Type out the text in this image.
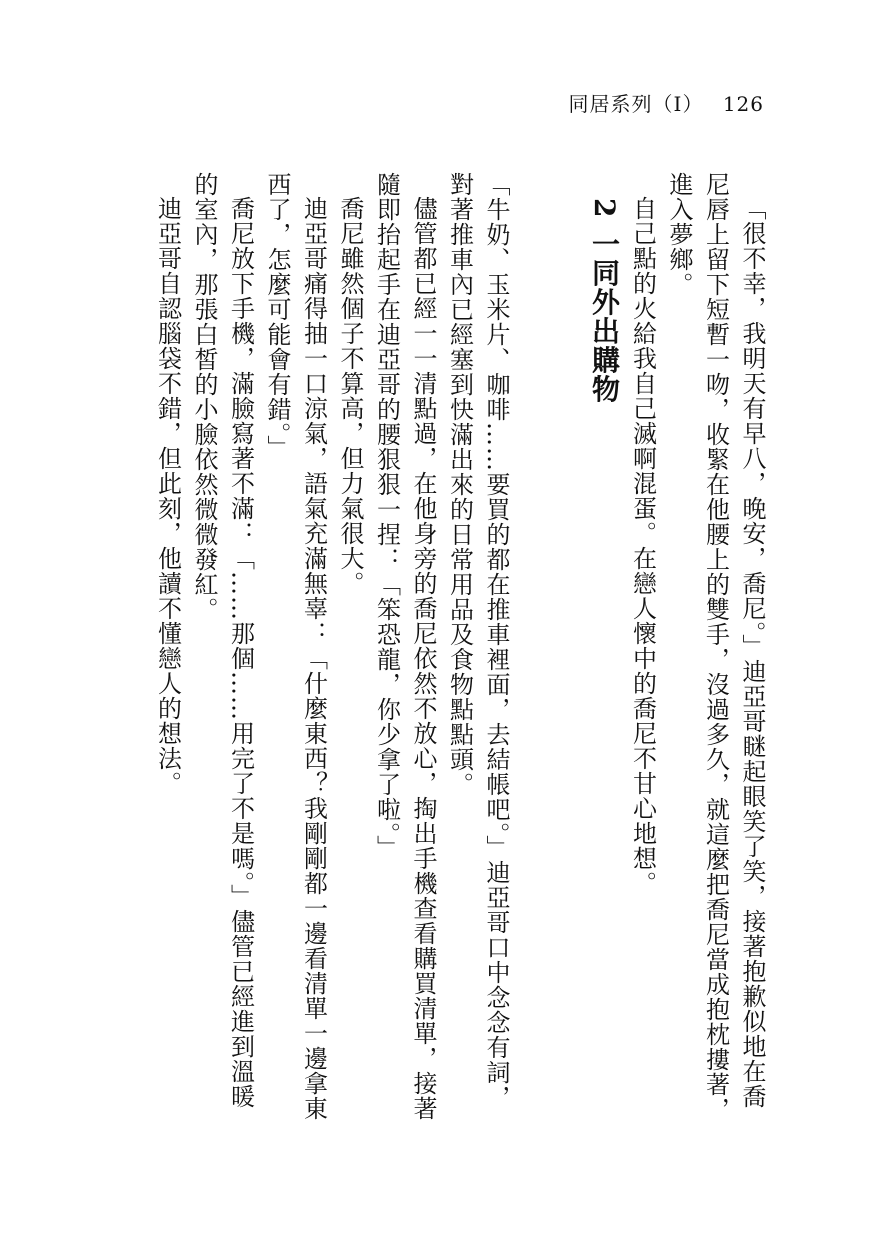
同居系列（I） 126

「很不幸，我明天有早八，晚安，喬尼。」迪亞哥瞇起眼笑了笑，接著抱歉似地在喬尼唇上留下短暫一吻，收緊在他腰上的雙手，沒過多久，就這麼把喬尼當成抱枕摟著，進入夢鄉。

自己點的火給我自己滅啊混蛋。在戀人懷中的喬尼不甘心地想。

2 一同外出購物

「牛奶、玉米片、咖啡……要買的都在推車裡面，去結帳吧。」迪亞哥口中念念有詞，對著推車內已經塞到快滿出來的日常用品及食物點點頭。

儘管都已經一一清點過，在他身旁的喬尼依然不放心，掏出手機查看購買清單，接著隨即抬起手在迪亞哥的腰狠狠一捏：「笨恐龍，你少拿了啦。」

喬尼雖然個子不算高，但力氣很大。

迪亞哥痛得抽一口涼氣，語氣充滿無辜：「什麼東西？我剛剛都一邊看清單一邊拿東西了，怎麼可能會有錯。」

喬尼放下手機，滿臉寫著不滿：「……那個……用完了不是嗎。」儘管已經進到溫暖的室內，那張白皙的小臉依然微微發紅。

迪亞哥自認腦袋不錯，但此刻，他讀不懂戀人的想法。
